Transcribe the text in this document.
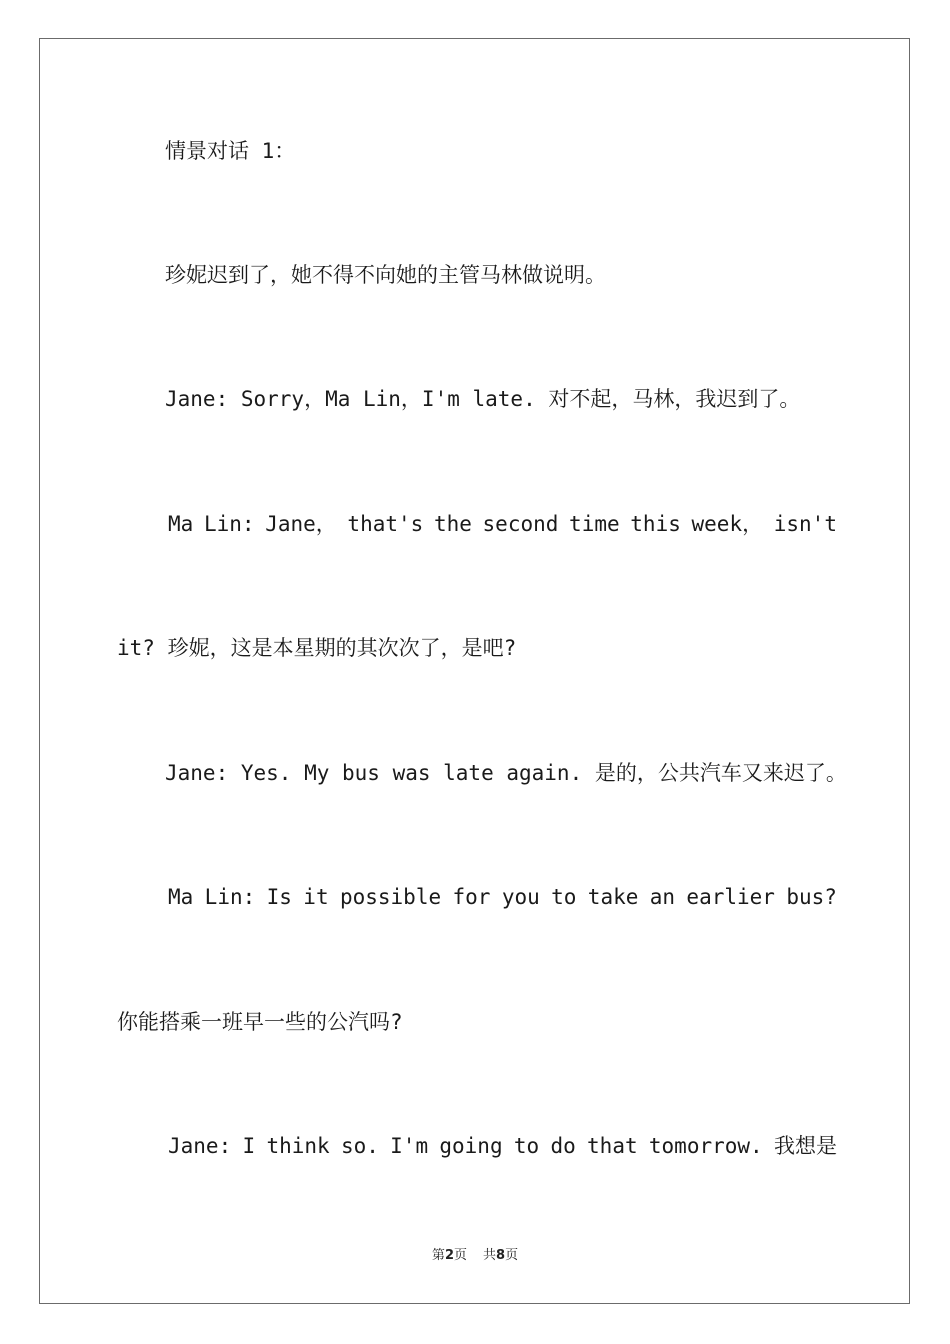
情景对话 1：
珍妮迟到了，她不得不向她的主管马林做说明。
Jane: Sorry，Ma Lin，I'm late. 对不起，马林，我迟到了。
Ma Lin: Jane， that's the second time this week， isn't
it? 珍妮，这是本星期的其次次了，是吧?
Jane: Yes. My bus was late again. 是的，公共汽车又来迟了。
Ma Lin: Is it possible for you to take an earlier bus?
你能搭乘一班早一些的公汽吗?
Jane: I think so. I'm going to do that tomorrow. 我想是
第2页 共8页
